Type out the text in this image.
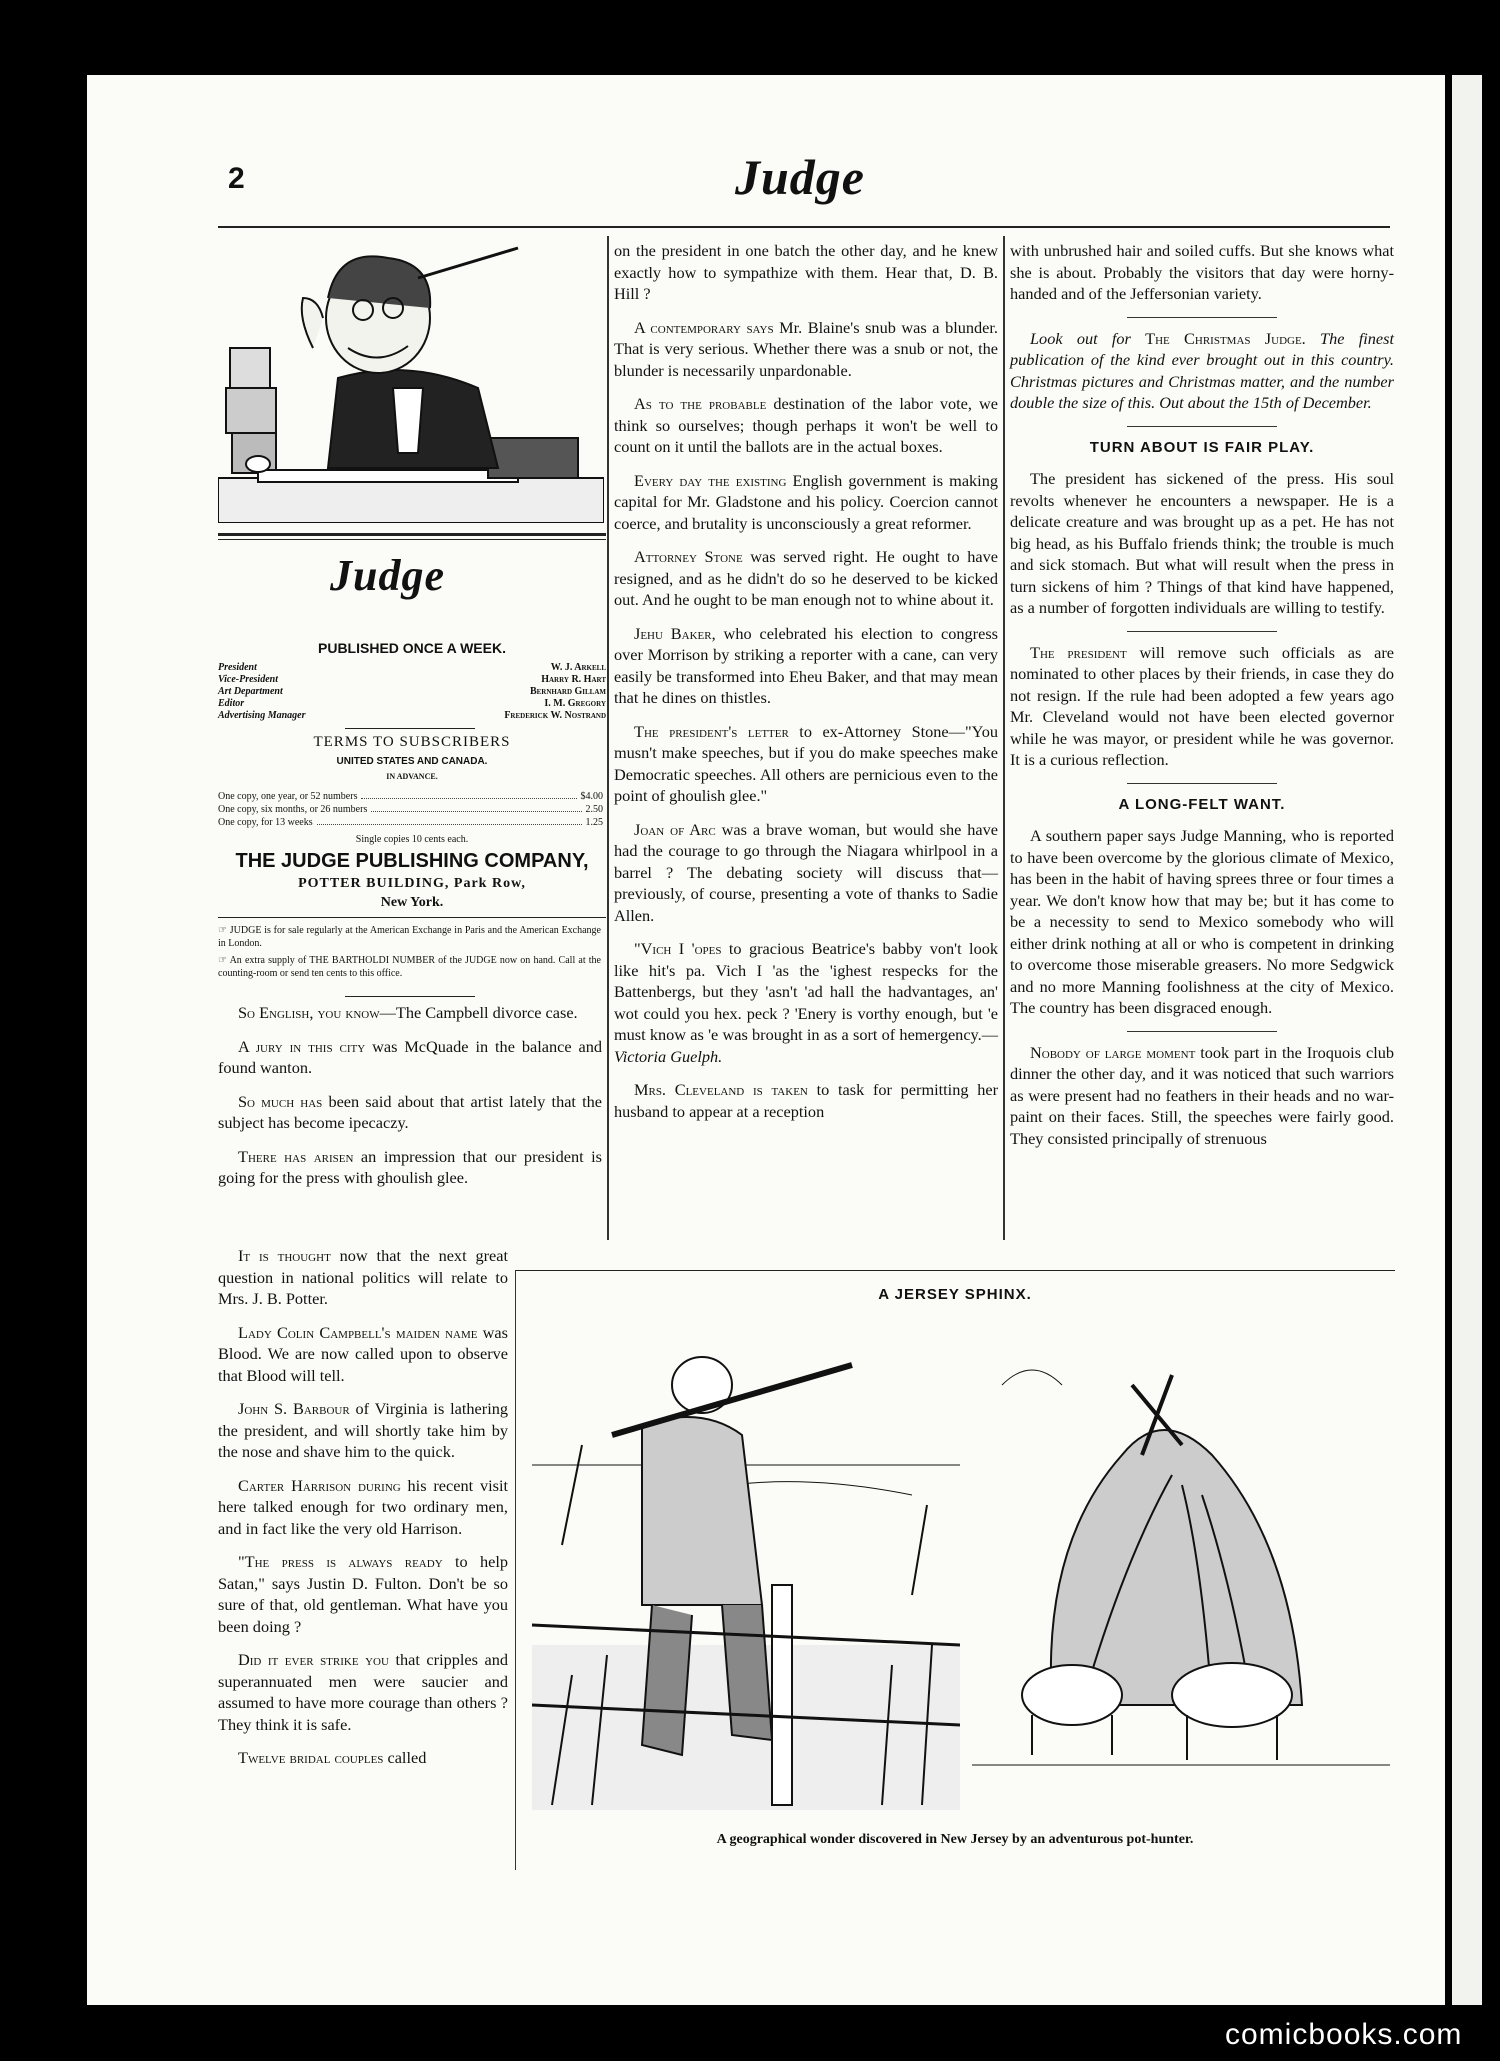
2	Judge
Judge
PUBLISHED ONCE A WEEK.
President	W. J. Arkell
Vice-President	Harry R. Hart
Art Department	Bernhard Gillam
Editor	I. M. Gregory
Advertising Manager	Frederick W. Nostrand
TERMS TO SUBSCRIBERS
UNITED STATES AND CANADA.
IN ADVANCE.
One copy, one year, or 52 numbers	$4.00
One copy, six months, or 26 numbers	2.50
One copy, for 13 weeks	1.25
Single copies 10 cents each.
THE JUDGE PUBLISHING COMPANY,
POTTER BUILDING, Park Row,
New York.
☞ JUDGE is for sale regularly at the American Exchange in Paris and the American Exchange in London.
☞ An extra supply of THE BARTHOLDI NUMBER of the JUDGE now on hand. Call at the counting-room or send ten cents to this office.

So English, you know—The Campbell divorce case.

A jury in this city was McQuade in the balance and found wanton.

So much has been said about that artist lately that the subject has become ipecaczy.

There has arisen an impression that our president is going for the press with ghoulish glee.

It is thought now that the next great question in national politics will relate to Mrs. J. B. Potter.

Lady Colin Campbell's maiden name was Blood. We are now called upon to observe that Blood will tell.

John S. Barbour of Virginia is lathering the president, and will shortly take him by the nose and shave him to the quick.

Carter Harrison during his recent visit here talked enough for two ordinary men, and in fact like the very old Harrison.

"The press is always ready to help Satan," says Justin D. Fulton. Don't be so sure of that, old gentleman. What have you been doing ?

Did it ever strike you that cripples and superannuated men were saucier and assumed to have more courage than others ? They think it is safe.

Twelve bridal couples called

on the president in one batch the other day, and he knew exactly how to sympathize with them. Hear that, D. B. Hill ?

A contemporary says Mr. Blaine's snub was a blunder. That is very serious. Whether there was a snub or not, the blunder is necessarily unpardonable.

As to the probable destination of the labor vote, we think so ourselves; though perhaps it won't be well to count on it until the ballots are in the actual boxes.

Every day the existing English government is making capital for Mr. Gladstone and his policy. Coercion cannot coerce, and brutality is unconsciously a great reformer.

Attorney Stone was served right. He ought to have resigned, and as he didn't do so he deserved to be kicked out. And he ought to be man enough not to whine about it.

Jehu Baker, who celebrated his election to congress over Morrison by striking a reporter with a cane, can very easily be transformed into Eheu Baker, and that may mean that he dines on thistles.

The president's letter to ex-Attorney Stone—"You musn't make speeches, but if you do make speeches make Democratic speeches. All others are pernicious even to the point of ghoulish glee."

Joan of Arc was a brave woman, but would she have had the courage to go through the Niagara whirlpool in a barrel ? The debating society will discuss that—previously, of course, presenting a vote of thanks to Sadie Allen.

"Vich I 'opes to gracious Beatrice's babby von't look like hit's pa. Vich I 'as the 'ighest respecks for the Battenbergs, but they 'asn't 'ad hall the hadvantages, an' wot could you hex. peck ? 'Enery is vorthy enough, but 'e must know as 'e was brought in as a sort of hemergency.—Victoria Guelph.

Mrs. Cleveland is taken to task for permitting her husband to appear at a reception

with unbrushed hair and soiled cuffs. But she knows what she is about. Probably the visitors that day were horny-handed and of the Jeffersonian variety.

Look out for The Christmas Judge. The finest publication of the kind ever brought out in this country. Christmas pictures and Christmas matter, and the number double the size of this. Out about the 15th of December.

TURN ABOUT IS FAIR PLAY.

The president has sickened of the press. His soul revolts whenever he encounters a newspaper. He is a delicate creature and was brought up as a pet. He has not big head, as his Buffalo friends think; the trouble is much and sick stomach. But what will result when the press in turn sickens of him ? Things of that kind have happened, as a number of forgotten individuals are willing to testify.

The president will remove such officials as are nominated to other places by their friends, in case they do not resign. If the rule had been adopted a few years ago Mr. Cleveland would not have been elected governor while he was mayor, or president while he was governor. It is a curious reflection.

A LONG-FELT WANT.

A southern paper says Judge Manning, who is reported to have been overcome by the glorious climate of Mexico, has been in the habit of having sprees three or four times a year. We don't know how that may be; but it has come to be a necessity to send to Mexico somebody who will either drink nothing at all or who is competent in drinking to overcome those miserable greasers. No more Sedgwick and no more Manning foolishness at the city of Mexico. The country has been disgraced enough.

Nobody of large moment took part in the Iroquois club dinner the other day, and it was noticed that such warriors as were present had no feathers in their heads and no war-paint on their faces. Still, the speeches were fairly good. They consisted principally of strenuous

A JERSEY SPHINX.
A geographical wonder discovered in New Jersey by an adventurous pot-hunter.
comicbooks.com
